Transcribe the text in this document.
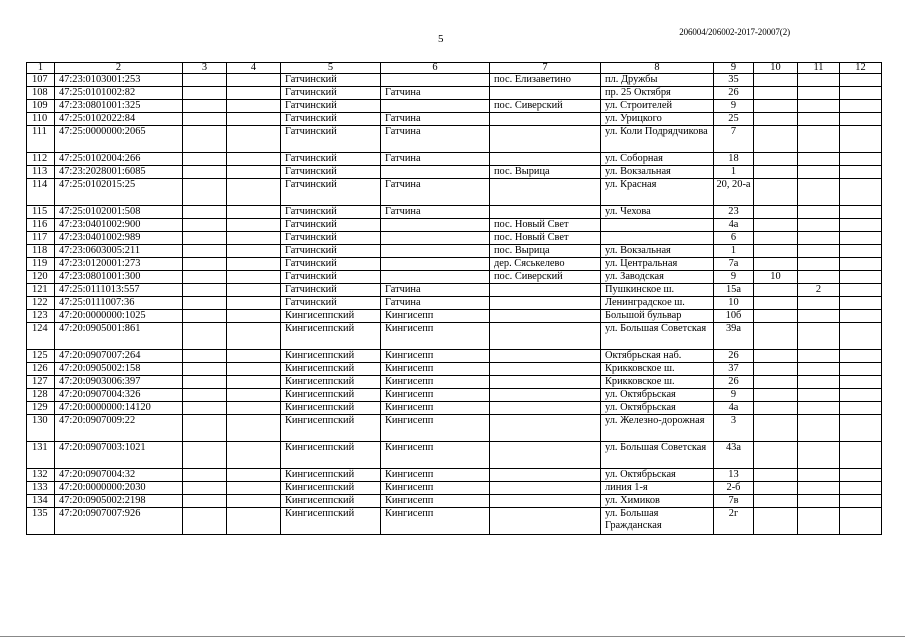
206004/206002-2017-20007(2)
5
1	2	3	4	5	6	7	8	9	10	11	12
107	47:23:0103001:253			Гатчинский		пос. Елизаветино	пл. Дружбы	35			
108	47:25:0101002:82			Гатчинский	Гатчина		пр. 25 Октября	26			
109	47:23:0801001:325			Гатчинский		пос. Сиверский	ул. Строителей	9			
110	47:25:0102022:84			Гатчинский	Гатчина		ул. Урицкого	25			
111	47:25:0000000:2065			Гатчинский	Гатчина		ул. Коли Подрядчикова	7			
112	47:25:0102004:266			Гатчинский	Гатчина		ул. Соборная	18			
113	47:23:2028001:6085			Гатчинский		пос. Вырица	ул. Вокзальная	1			
114	47:25:0102015:25			Гатчинский	Гатчина		ул. Красная	20, 20-а			
115	47:25:0102001:508			Гатчинский	Гатчина		ул. Чехова	23			
116	47:23:0401002:900			Гатчинский		пос. Новый Свет		4а			
117	47:23:0401002:989			Гатчинский		пос. Новый Свет		6			
118	47:23:0603005:211			Гатчинский		пос. Вырица	ул. Вокзальная	1			
119	47:23:0120001:273			Гатчинский		дер. Сяськелево	ул. Центральная	7а			
120	47:23:0801001:300			Гатчинский		пос. Сиверский	ул. Заводская	9	10		
121	47:25:0111013:557			Гатчинский	Гатчина		Пушкинское ш.	15а		2	
122	47:25:0111007:36			Гатчинский	Гатчина		Ленинградское ш.	10			
123	47:20:0000000:1025			Кингисеппский	Кингисепп		Большой бульвар	10б			
124	47:20:0905001:861			Кингисеппский	Кингисепп		ул. Большая Советская	39а			
125	47:20:0907007:264			Кингисеппский	Кингисепп		Октябрьская наб.	26			
126	47:20:0905002:158			Кингисеппский	Кингисепп		Крикковское ш.	37			
127	47:20:0903006:397			Кингисеппский	Кингисепп		Крикковское ш.	26			
128	47:20:0907004:326			Кингисеппский	Кингисепп		ул. Октябрьская	9			
129	47:20:0000000:14120			Кингисеппский	Кингисепп		ул. Октябрьская	4а			
130	47:20:0907009:22			Кингисеппский	Кингисепп		ул. Железно-дорожная	3			
131	47:20:0907003:1021			Кингисеппский	Кингисепп		ул. Большая Советская	43а			
132	47:20:0907004:32			Кингисеппский	Кингисепп		ул. Октябрьская	13			
133	47:20:0000000:2030			Кингисеппский	Кингисепп		линия 1-я	2-б			
134	47:20:0905002:2198			Кингисеппский	Кингисепп		ул. Химиков	7в			
135	47:20:0907007:926			Кингисеппский	Кингисепп		ул. Большая Гражданская	2г			
